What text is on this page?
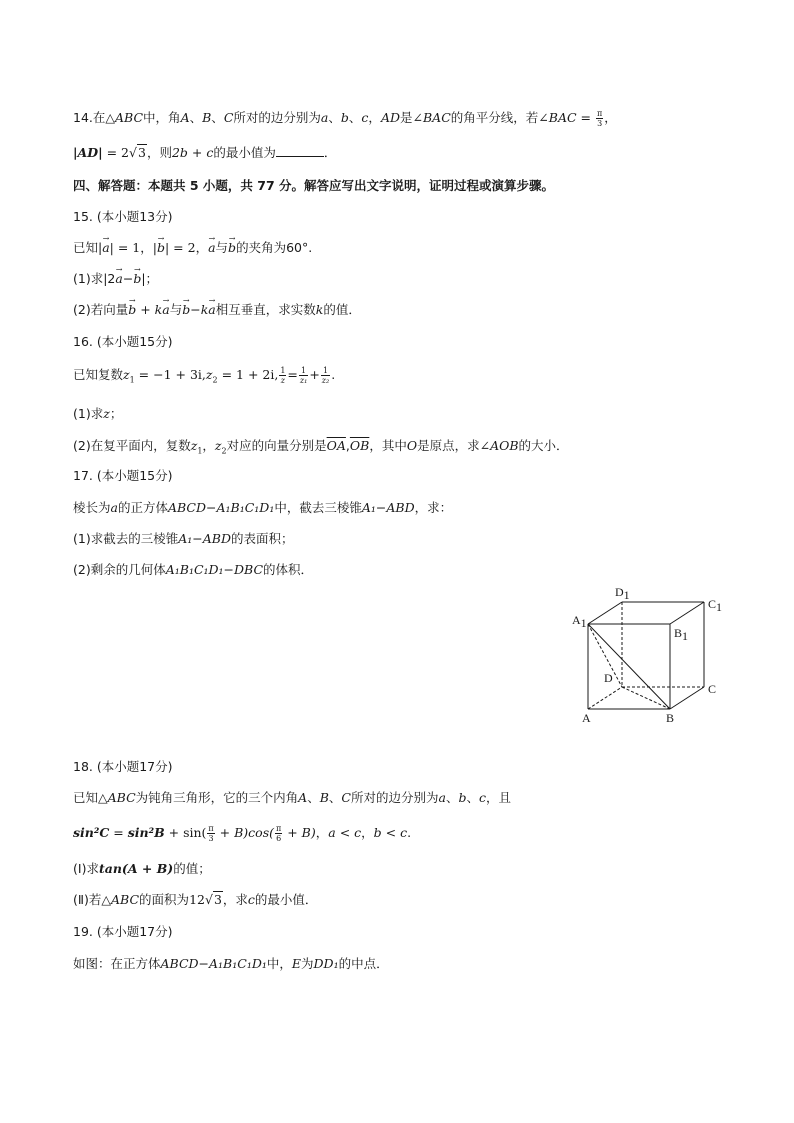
14.在△ABC中，角A、B、C所对的边分别为a、b、c，AD是∠BAC的角平分线，若∠BAC = $\frac{\pi}{3}$ ，
|AD| = 2√3，则2b + c的最小值为	．
四、解答题：本题共 5 小题，共 77 分。解答应写出文字说明，证明过程或演算步骤。
15. (本小题13分)
已知|→ a| = 1，|→ b| = 2，→ a与→ b的夹角为60°.
(1)求|2→ a−→ b|；
(2)若向量→ b + k→ a与→ b−k→ a相互垂直，求实数k的值．
16. (本小题15分)
已知复数$z_1 = -1 + 3i,z_2 = 1 + 2i$, $\frac{1}{z} = \frac{1}{\text{z₁}} + \frac{1}{\text{z₂}}$ .
(1)求z；
(2)在复平面内，复数$z_1$，$z_2$对应的向量分别是$\overline{OA},\overline{OB}$，其中O是原点，求∠AOB的大小．
17. (本小题15分)
棱长为a的正方体ABCD−A₁B₁C₁D₁中，截去三棱锥A₁−ABD，求：
(1)求截去的三棱锥A₁−ABD的表面积；
(2)剩余的几何体A₁B₁C₁D₁−DBC的体积．
A1
B1
C1
D1
A	B
C
D
18. (本小题17分)
已知△ABC为钝角三角形，它的三个内角A、B、C所对的边分别为a、b、c，且
$\sin^2C = \sin^2B + \sin( \frac{\pi}{3} + B)\cos( \frac{\pi}{6} + B)$，a < c，b < c.
(Ⅰ)求tan(A + B)的值；
(Ⅱ)若△ABC的面积为12√3，求c的最小值．
19. (本小题17分)
如图：在正方体ABCD−A₁B₁C₁D₁中，E为DD₁的中点．
